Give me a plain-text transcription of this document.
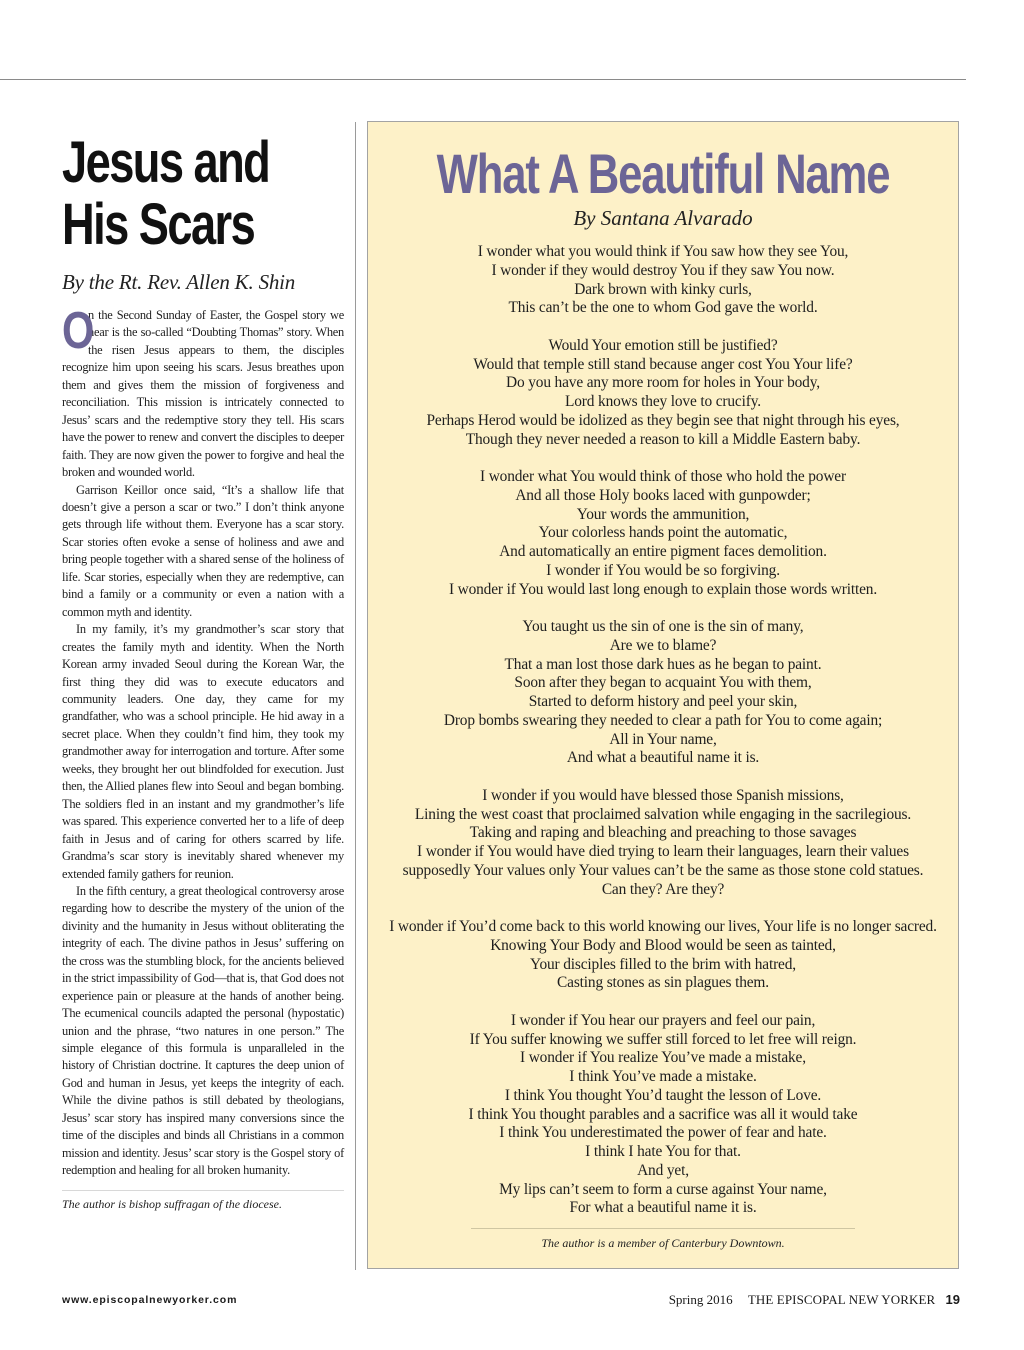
Jesus and
His Scars
By the Rt. Rev. Allen K. Shin

O
n the Second Sunday of Easter, the Gospel story we hear is the so-called “Doubting Thomas” story. When the risen Jesus appears to them, the disciples recognize him upon seeing his scars. Jesus breathes upon them and gives them the mission of forgiveness and reconciliation. This mission is intricately connected to Jesus’ scars and the redemptive story they tell. His scars have the power to renew and convert the disciples to deeper faith. They are now given the power to forgive and heal the broken and wounded world.

Garrison Keillor once said, “It’s a shallow life that doesn’t give a person a scar or two.” I don’t think anyone gets through life without them. Everyone has a scar story. Scar stories often evoke a sense of holiness and awe and bring people together with a shared sense of the holiness of life. Scar stories, especially when they are redemptive, can bind a family or a community or even a nation with a common myth and identity.

In my family, it’s my grandmother’s scar story that creates the family myth and identity. When the North Korean army invaded Seoul during the Korean War, the first thing they did was to execute educators and community leaders. One day, they came for my grandfather, who was a school principle. He hid away in a secret place. When they couldn’t find him, they took my grandmother away for interrogation and torture. After some weeks, they brought her out blindfolded for execution. Just then, the Allied planes flew into Seoul and began bombing. The soldiers fled in an instant and my grandmother’s life was spared. This experience converted her to a life of deep faith in Jesus and of caring for others scarred by life. Grandma’s scar story is inevitably shared whenever my extended family gathers for reunion.

In the fifth century, a great theological controversy arose regarding how to describe the mystery of the union of the divinity and the humanity in Jesus without obliterating the integrity of each. The divine pathos in Jesus’ suffering on the cross was the stumbling block, for the ancients believed in the strict impassibility of God—that is, that God does not experience pain or pleasure at the hands of another being. The ecumenical councils adapted the personal (hypostatic) union and the phrase, “two natures in one person.” The simple elegance of this formula is unparalleled in the history of Christian doctrine. It captures the deep union of God and human in Jesus, yet keeps the integrity of each. While the divine pathos is still debated by theologians, Jesus’ scar story has inspired many conversions since the time of the disciples and binds all Christians in a common mission and identity. Jesus’ scar story is the Gospel story of redemption and healing for all broken humanity.

The author is bishop suffragan of the diocese.
What A Beautiful Name
By Santana Alvarado
I wonder what you would think if You saw how they see You,
I wonder if they would destroy You if they saw You now.
Dark brown with kinky curls,
This can’t be the one to whom God gave the world.
Would Your emotion still be justified?
Would that temple still stand because anger cost You Your life?
Do you have any more room for holes in Your body,
Lord knows they love to crucify.
Perhaps Herod would be idolized as they begin see that night through his eyes,
Though they never needed a reason to kill a Middle Eastern baby.
I wonder what You would think of those who hold the power
And all those Holy books laced with gunpowder;
Your words the ammunition,
Your colorless hands point the automatic,
And automatically an entire pigment faces demolition.
I wonder if You would be so forgiving.
I wonder if You would last long enough to explain those words written.
You taught us the sin of one is the sin of many,
Are we to blame?
That a man lost those dark hues as he began to paint.
Soon after they began to acquaint You with them,
Started to deform history and peel your skin,
Drop bombs swearing they needed to clear a path for You to come again;
All in Your name,
And what a beautiful name it is.
I wonder if you would have blessed those Spanish missions,
Lining the west coast that proclaimed salvation while engaging in the sacrilegious.
Taking and raping and bleaching and preaching to those savages
I wonder if You would have died trying to learn their languages, learn their values
supposedly Your values only Your values can’t be the same as those stone cold statues.
Can they? Are they?
I wonder if You’d come back to this world knowing our lives, Your life is no longer sacred.
Knowing Your Body and Blood would be seen as tainted,
Your disciples filled to the brim with hatred,
Casting stones as sin plagues them.
I wonder if You hear our prayers and feel our pain,
If You suffer knowing we suffer still forced to let free will reign.
I wonder if You realize You’ve made a mistake,
I think You’ve made a mistake.
I think You thought You’d taught the lesson of Love.
I think You thought parables and a sacrifice was all it would take
I think You underestimated the power of fear and hate.
I think I hate You for that.
And yet,
My lips can’t seem to form a curse against Your name,
For what a beautiful name it is.
The author is a member of Canterbury Downtown.
www.episcopalnewyorker.com	Spring 2016 THE EPISCOPAL NEW YORKER 19
